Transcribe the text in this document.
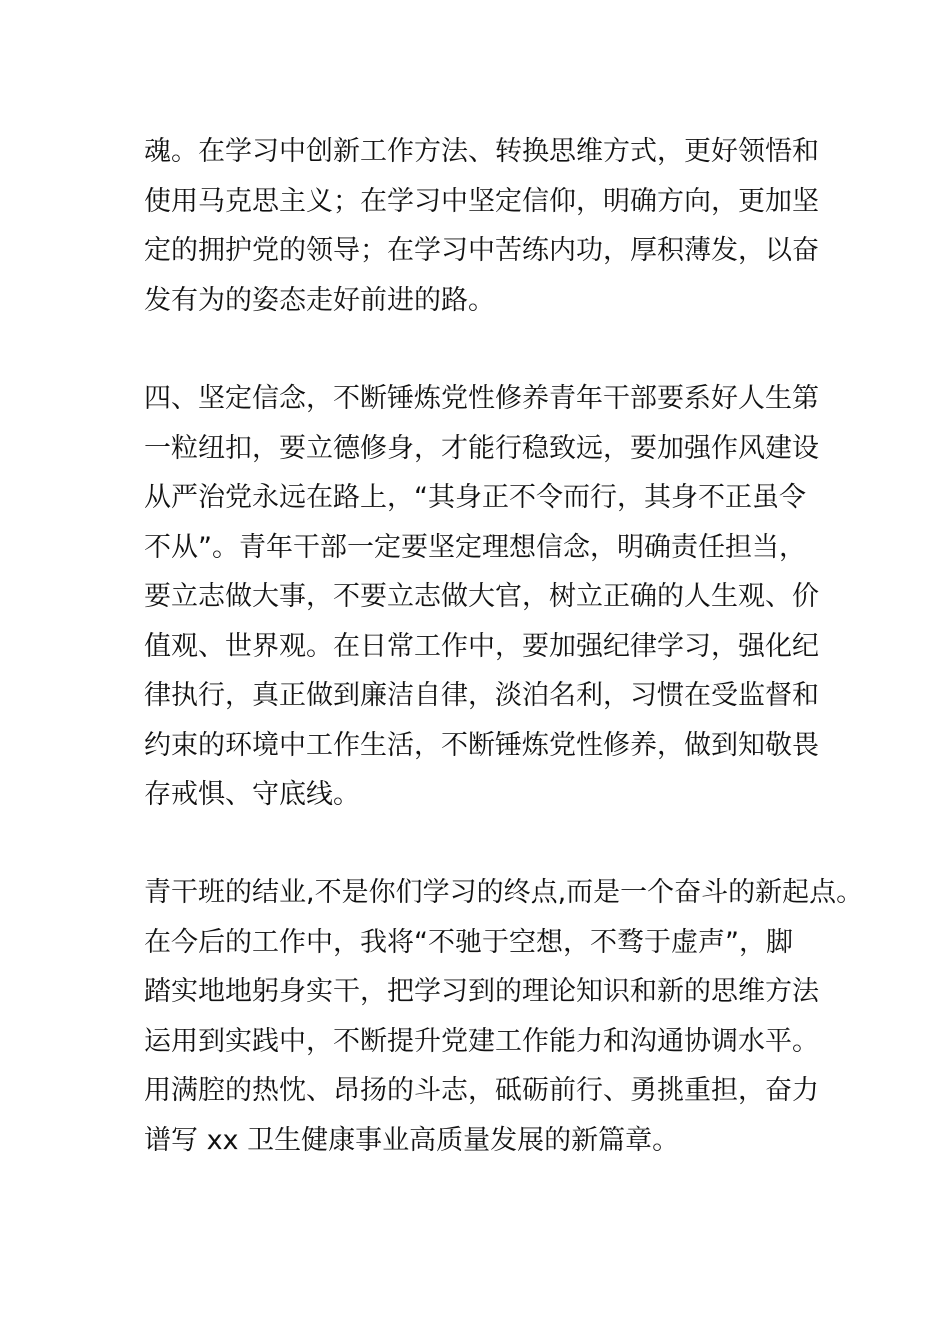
魂。在学习中创新工作方法、转换思维方式，更好领悟和
使用马克思主义；在学习中坚定信仰，明确方向，更加坚
定的拥护党的领导；在学习中苦练内功，厚积薄发，以奋
发有为的姿态走好前进的路。
四、坚定信念，不断锤炼党性修养青年干部要系好人生第
一粒纽扣，要立德修身，才能行稳致远，要加强作风建设
从严治党永远在路上，“其身正不令而行，其身不正虽令
不从”。青年干部一定要坚定理想信念，明确责任担当，
要立志做大事，不要立志做大官，树立正确的人生观、价
值观、世界观。在日常工作中，要加强纪律学习，强化纪
律执行，真正做到廉洁自律，淡泊名利，习惯在受监督和
约束的环境中工作生活，不断锤炼党性修养，做到知敬畏
存戒惧、守底线。
青干班的结业,不是你们学习的终点,而是一个奋斗的新起点。
在今后的工作中，我将“不驰于空想，不骛于虚声”，脚
踏实地地躬身实干，把学习到的理论知识和新的思维方法
运用到实践中，不断提升党建工作能力和沟通协调水平。
用满腔的热忱、昂扬的斗志，砥砺前行、勇挑重担，奋力
谱写 xx 卫生健康事业高质量发展的新篇章。
